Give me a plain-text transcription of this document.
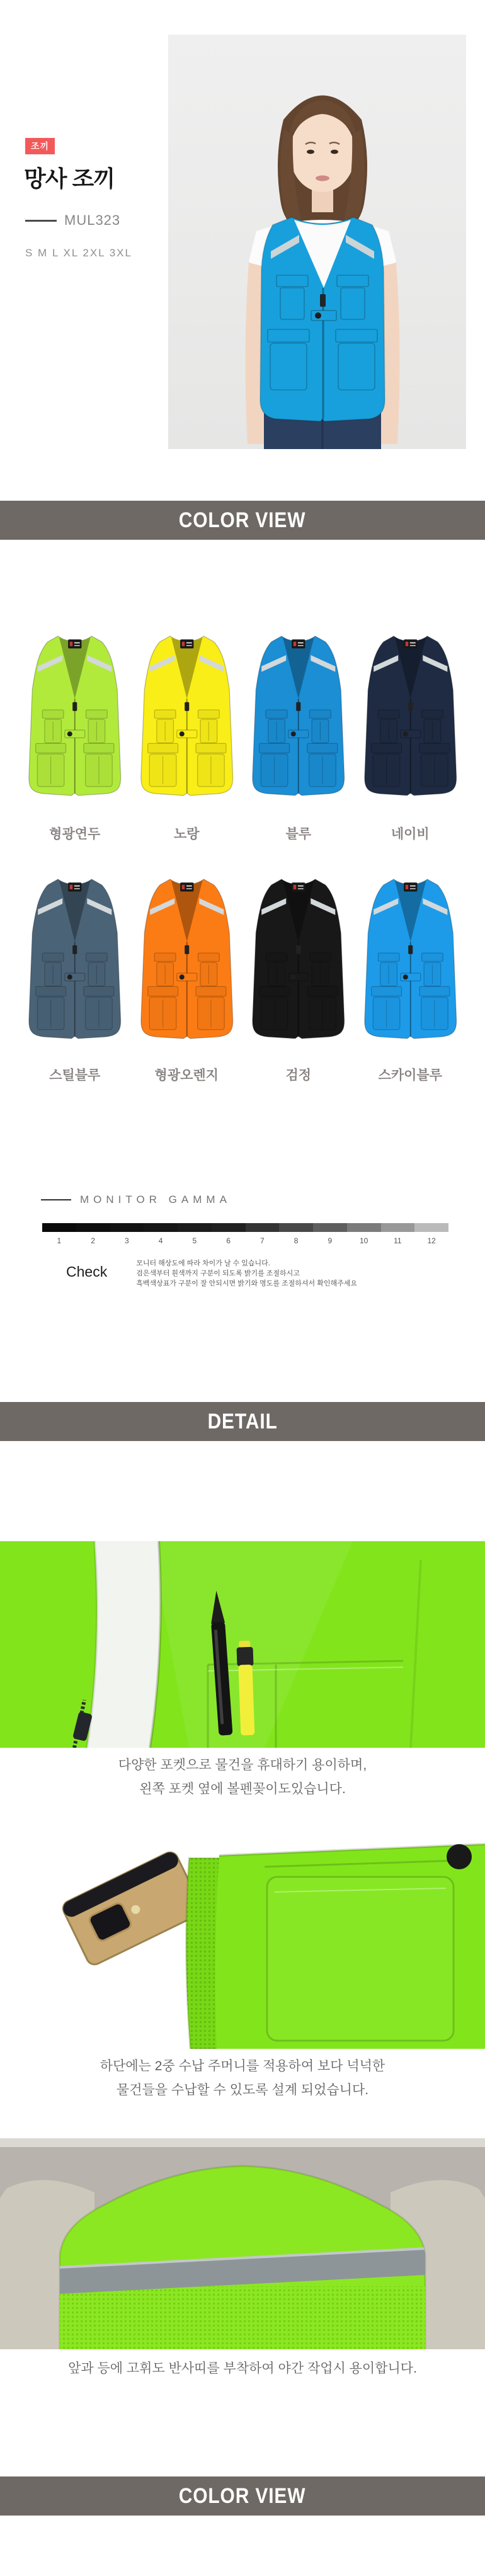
조끼
망사 조끼
MUL323
S M L XL 2XL 3XL
COLOR VIEW
형광연두	노랑	블루	네이비
스틸블루	형광오렌지	검정	스카이블루
MONITOR GAMMA
1	2	3	4	5	6	7	8	9	10	11	12
Check	모니터 해상도에 따라 차이가 날 수 있습니다.
검은색부터 흰색까지 구분이 되도록 밝기를 조절하시고
흑백색상표가 구분이 잘 안되시면 밝기와 명도를 조절하셔서 확인해주세요
DETAIL
다양한 포켓으로 물건을 휴대하기 용이하며,
왼쪽 포켓 옆에 볼펜꽂이도있습니다.
하단에는 2중 수납 주머니를 적용하여 보다 넉넉한
물건들을 수납할 수 있도록 설계 되었습니다.
앞과 등에 고휘도 반사띠를 부착하여 야간 작업시 용이합니다.
COLOR VIEW
